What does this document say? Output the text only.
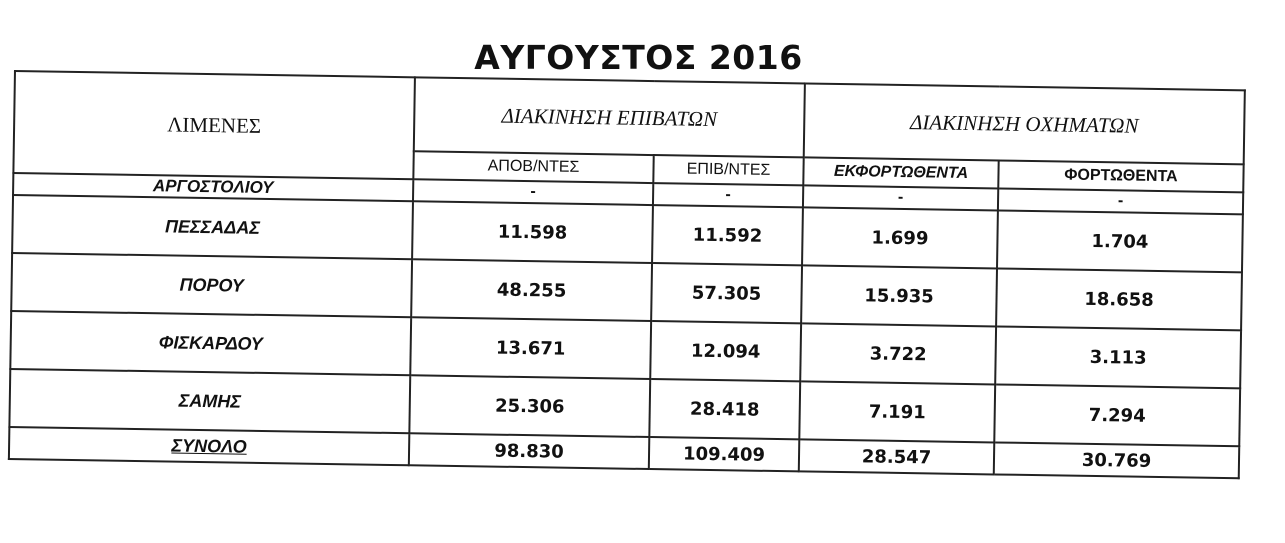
ΑΥΓΟΥΣΤΟΣ 2016
ΛΙΜΕΝΕΣ	ΔΙΑΚΙΝΗΣΗ ΕΠΙΒΑΤΩΝ		ΔΙΑΚΙΝΗΣΗ ΟΧΗΜΑΤΩΝ	
	ΑΠΟΒ/ΝΤΕΣ	ΕΠΙΒ/ΝΤΕΣ	ΕΚΦΟΡΤΩΘΕΝΤΑ	ΦΟΡΤΩΘΕΝΤΑ
ΑΡΓΟΣΤΟΛΙΟΥ	-	-	-	-
ΠΕΣΣΑΔΑΣ	11.598	11.592	1.699	1.704
ΠΟΡΟΥ	48.255	57.305	15.935	18.658
ΦΙΣΚΑΡΔΟΥ	13.671	12.094	3.722	3.113
ΣΑΜΗΣ	25.306	28.418	7.191	7.294
ΣΥΝΟΛΟ	98.830	109.409	28.547	30.769
